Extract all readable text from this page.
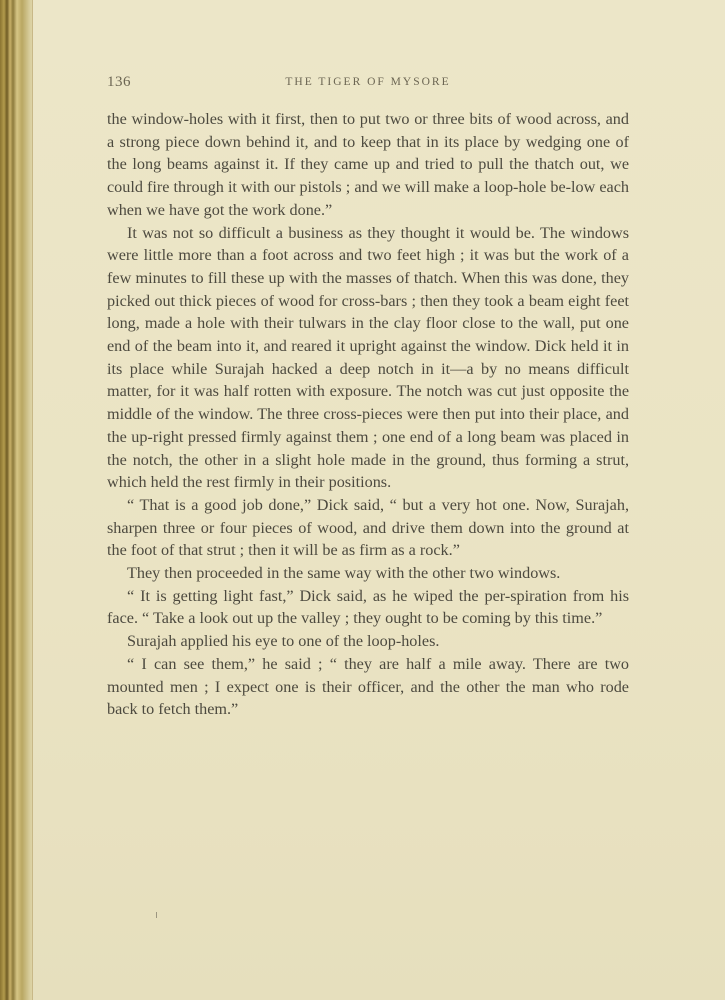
136	THE TIGER OF MYSORE

the window-holes with it first, then to put two or three bits of wood across, and a strong piece down behind it, and to keep that in its place by wedging one of the long beams against it. If they came up and tried to pull the thatch out, we could fire through it with our pistols ; and we will make a loop-hole be-low each when we have got the work done.”

It was not so difficult a business as they thought it would be. The windows were little more than a foot across and two feet high ; it was but the work of a few minutes to fill these up with the masses of thatch. When this was done, they picked out thick pieces of wood for cross-bars ; then they took a beam eight feet long, made a hole with their tulwars in the clay floor close to the wall, put one end of the beam into it, and reared it upright against the window. Dick held it in its place while Surajah hacked a deep notch in it—a by no means difficult matter, for it was half rotten with exposure. The notch was cut just opposite the middle of the window. The three cross-pieces were then put into their place, and the up-right pressed firmly against them ; one end of a long beam was placed in the notch, the other in a slight hole made in the ground, thus forming a strut, which held the rest firmly in their positions.

“ That is a good job done,” Dick said, “ but a very hot one. Now, Surajah, sharpen three or four pieces of wood, and drive them down into the ground at the foot of that strut ; then it will be as firm as a rock.”

They then proceeded in the same way with the other two windows.

“ It is getting light fast,” Dick said, as he wiped the per-spiration from his face. “ Take a look out up the valley ; they ought to be coming by this time.”

Surajah applied his eye to one of the loop-holes.

“ I can see them,” he said ; “ they are half a mile away. There are two mounted men ; I expect one is their officer, and the other the man who rode back to fetch them.”
